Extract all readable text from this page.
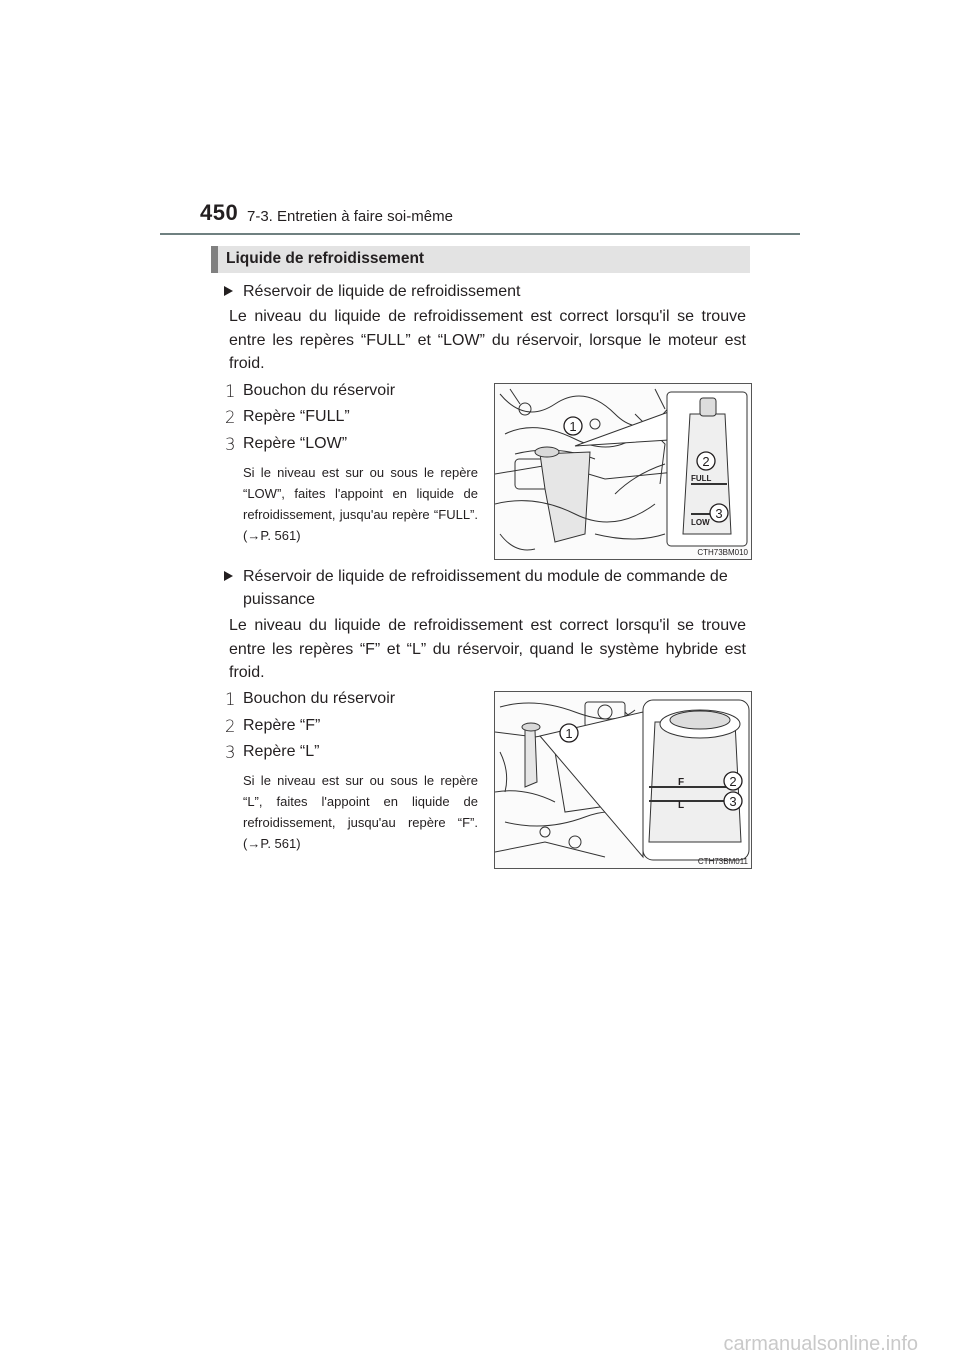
450 7-3. Entretien à faire soi-même
Liquide de refroidissement
Réservoir de liquide de refroidissement
Le niveau du liquide de refroidissement est correct lorsqu'il se trouve entre les repères “FULL” et “LOW” du réservoir, lorsque le moteur est froid.
1 Bouchon du réservoir
2 Repère “FULL”
3 Repère “LOW”
Si le niveau est sur ou sous le repère “LOW”, faites l'appoint en liquide de refroidissement, jusqu'au repère “FULL”. (→P. 561)
FULL
LOW
1
2
3
CTH73BM010
Réservoir de liquide de refroidissement du module de commande de puissance
Le niveau du liquide de refroidissement est correct lorsqu'il se trouve entre les repères “F” et “L” du réservoir, quand le système hybride est froid.
1 Bouchon du réservoir
2 Repère “F”
3 Repère “L”
Si le niveau est sur ou sous le repère “L”, faites l'appoint en liquide de refroidissement, jusqu'au repère “F”. (→P. 561)
F
L
1
2
3
CTH73BM011
carmanualsonline.info
